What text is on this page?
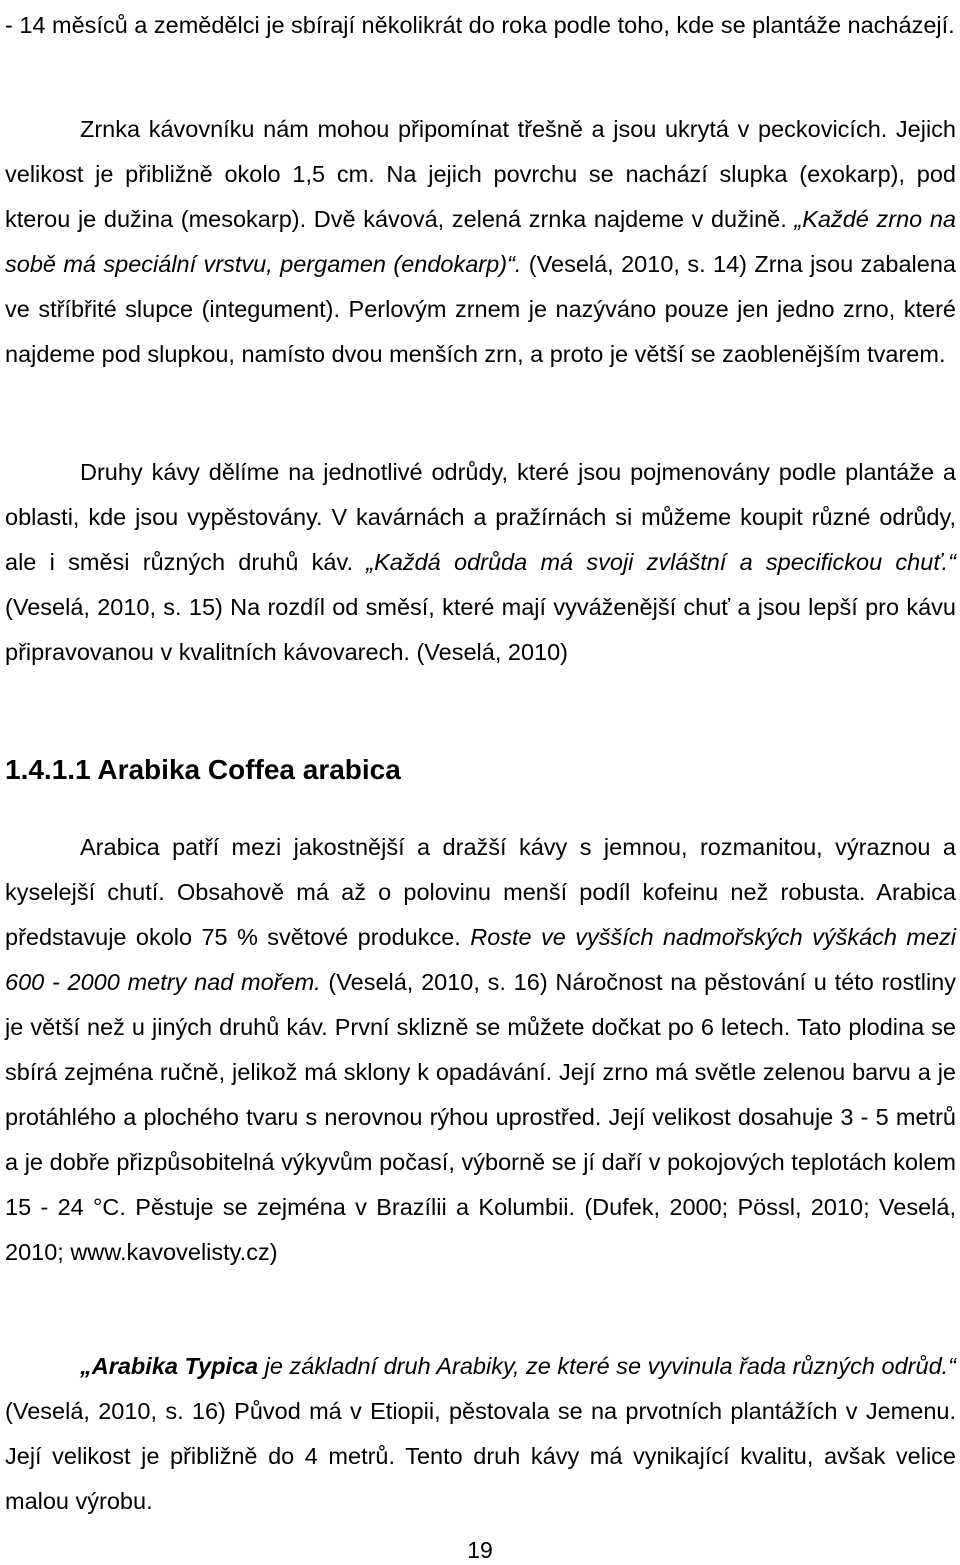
- 14 měsíců a zemědělci je sbírají několikrát do roka podle toho, kde se plantáže nacházejí.

Zrnka kávovníku nám mohou připomínat třešně a jsou ukrytá v peckovicích. Jejich velikost je přibližně okolo 1,5 cm. Na jejich povrchu se nachází slupka (exokarp), pod kterou je dužina (mesokarp). Dvě kávová, zelená zrnka najdeme v dužině. „Každé zrno na sobě má speciální vrstvu, pergamen (endokarp)“. (Veselá, 2010, s. 14) Zrna jsou zabalena ve stříbřité slupce (integument). Perlovým zrnem je nazýváno pouze jen jedno zrno, které najdeme pod slupkou, namísto dvou menších zrn, a proto je větší se zaoblenějším tvarem.

Druhy kávy dělíme na jednotlivé odrůdy, které jsou pojmenovány podle plantáže a oblasti, kde jsou vypěstovány. V kavárnách a pražírnách si můžeme koupit různé odrůdy, ale i směsi různých druhů káv. „Každá odrůda má svoji zvláštní a specifickou chuť.“ (Veselá, 2010, s. 15) Na rozdíl od směsí, které mají vyváženější chuť a jsou lepší pro kávu připravovanou v kvalitních kávovarech. (Veselá, 2010)

1.4.1.1 Arabika Coffea arabica

Arabica patří mezi jakostnější a dražší kávy s jemnou, rozmanitou, výraznou a kyselejší chutí. Obsahově má až o polovinu menší podíl kofeinu než robusta. Arabica představuje okolo 75 % světové produkce. Roste ve vyšších nadmořských výškách mezi 600 - 2000 metry nad mořem. (Veselá, 2010, s. 16) Náročnost na pěstování u této rostliny je větší než u jiných druhů káv. První sklizně se můžete dočkat po 6 letech. Tato plodina se sbírá zejména ručně, jelikož má sklony k opadávání. Její zrno má světle zelenou barvu a je protáhlého a plochého tvaru s nerovnou rýhou uprostřed. Její velikost dosahuje 3 - 5 metrů a je dobře přizpůsobitelná výkyvům počasí, výborně se jí daří v pokojových teplotách kolem 15 - 24 °C. Pěstuje se zejména v Brazílii a Kolumbii. (Dufek, 2000; Pössl, 2010; Veselá, 2010; www.kavovelisty.cz)

„Arabika Typica je základní druh Arabiky, ze které se vyvinula řada různých odrůd.“ (Veselá, 2010, s. 16) Původ má v Etiopii, pěstovala se na prvotních plantážích v Jemenu. Její velikost je přibližně do 4 metrů. Tento druh kávy má vynikající kvalitu, avšak velice malou výrobu.

19
